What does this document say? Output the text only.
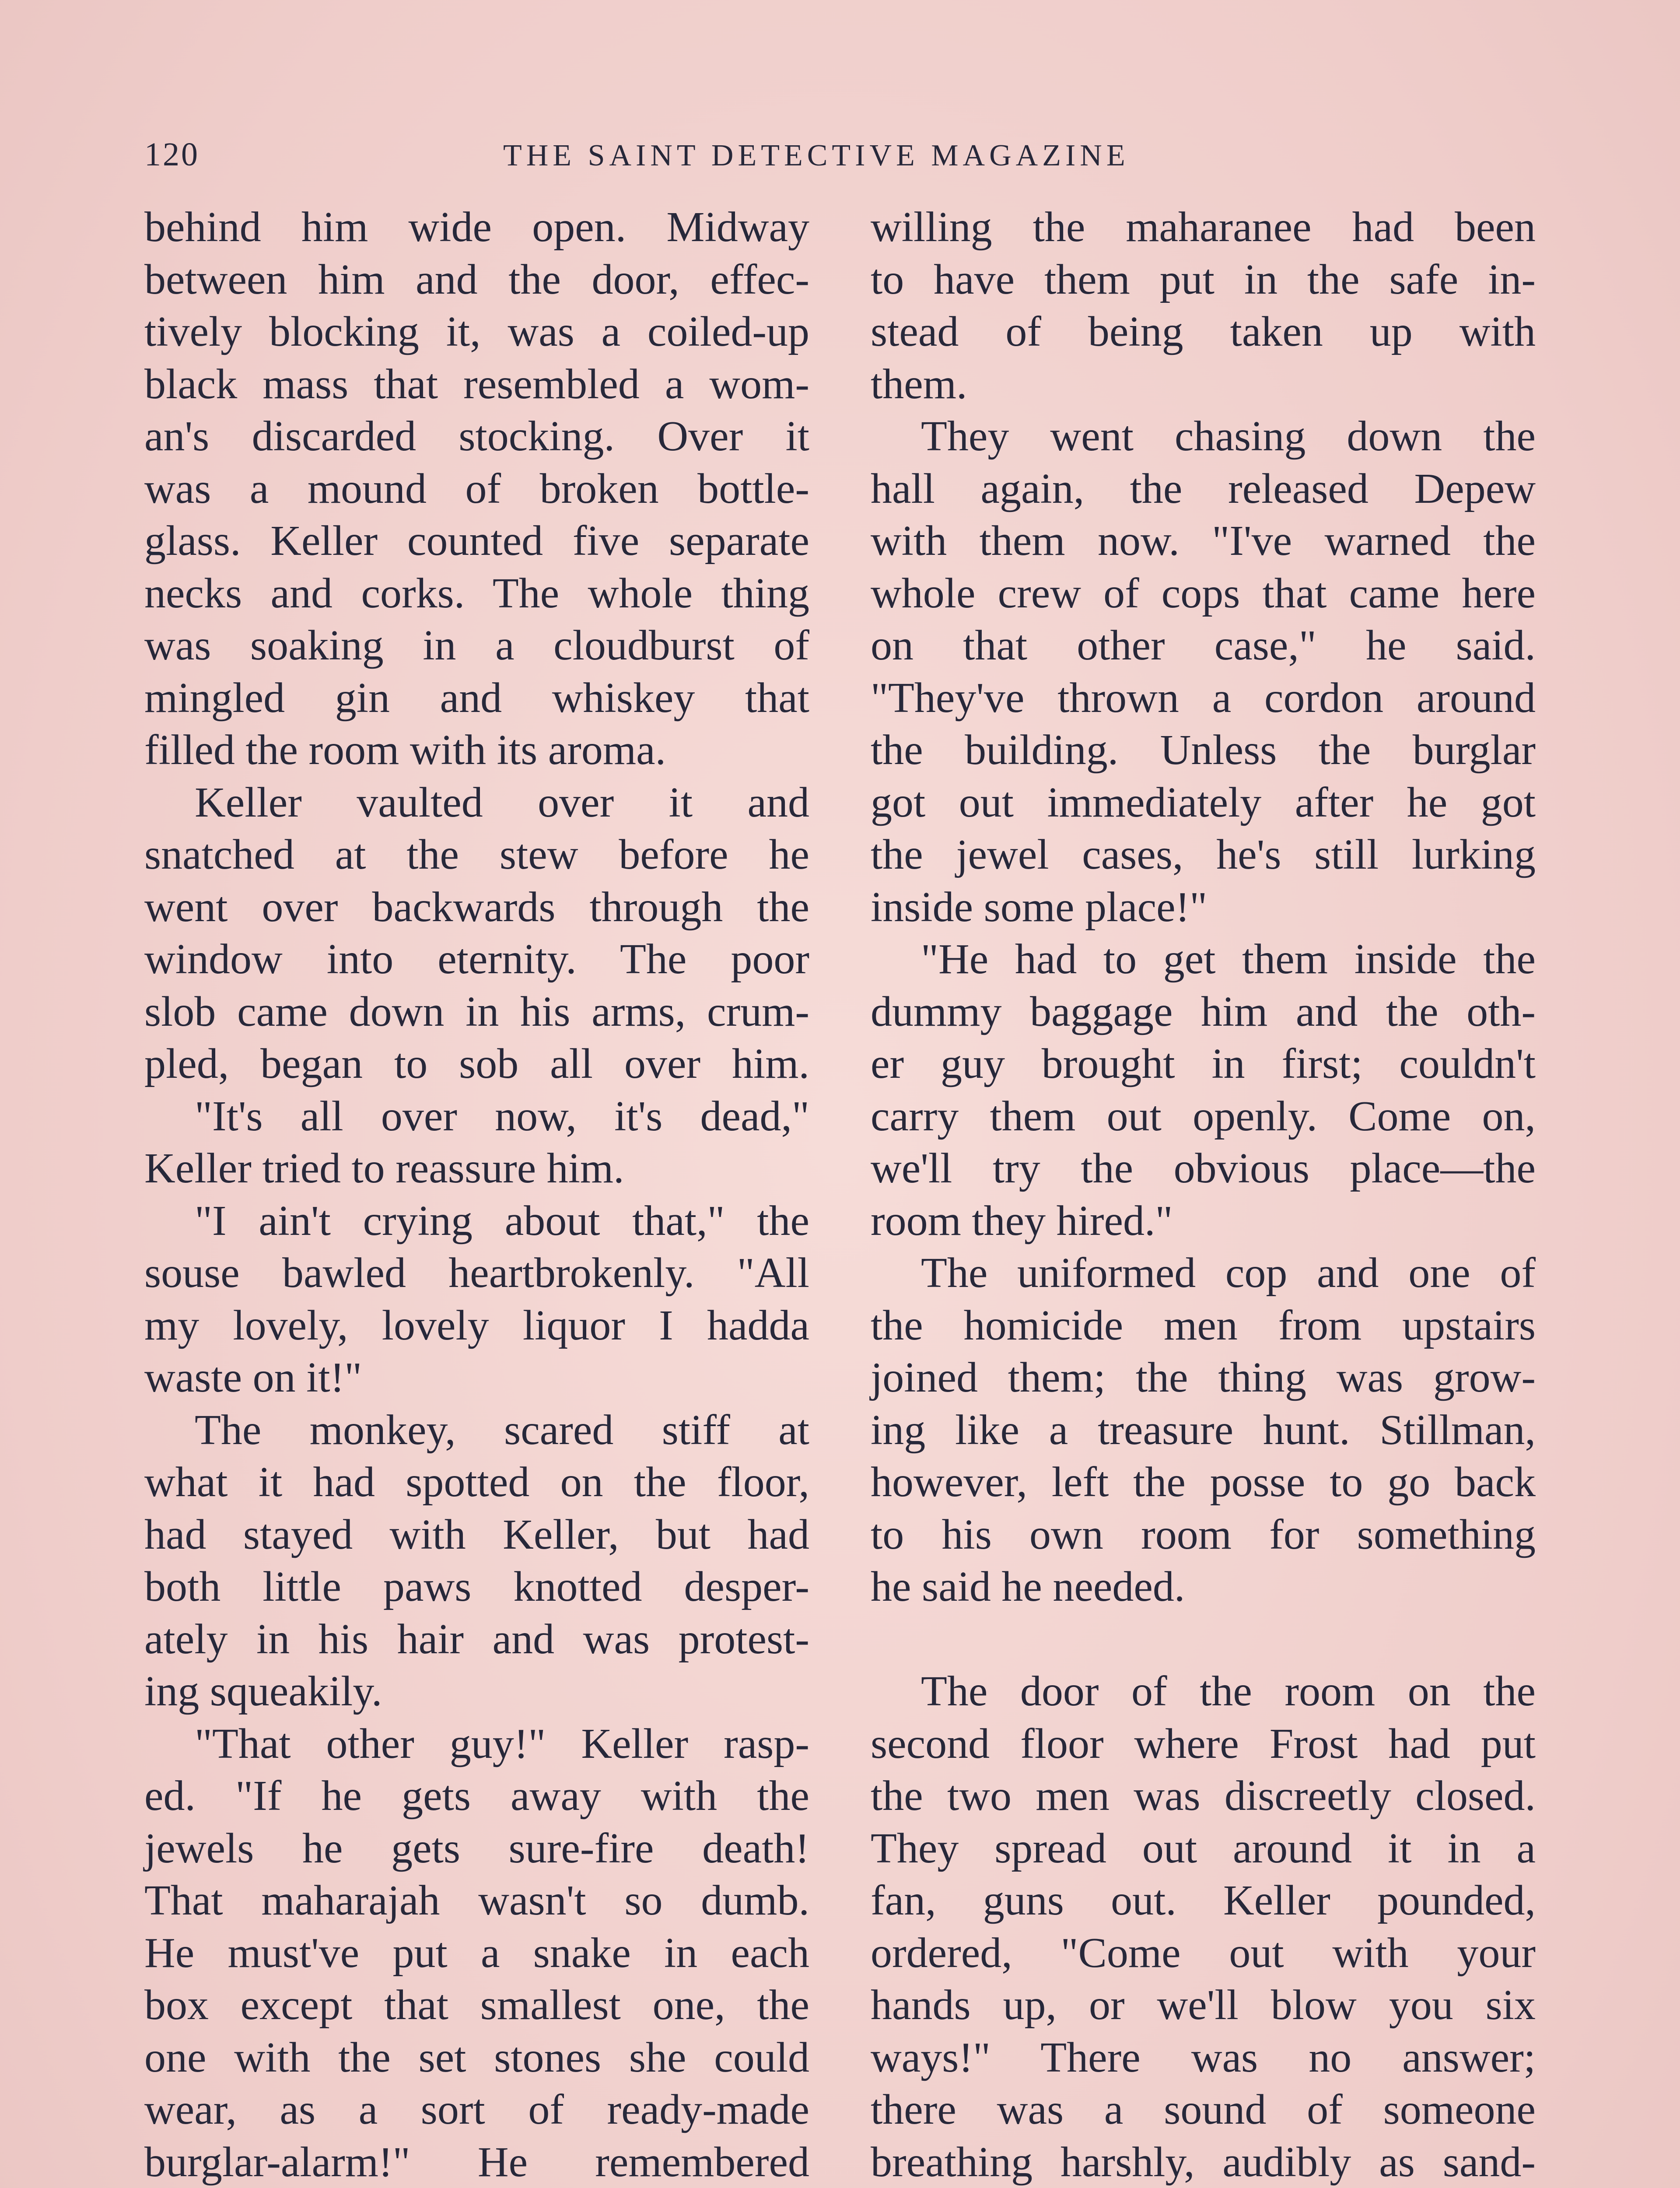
120	THE SAINT DETECTIVE MAGAZINE
behind him wide open. Midway
between him and the door, effec-
tively blocking it, was a coiled-up
black mass that resembled a wom-
an's discarded stocking. Over it
was a mound of broken bottle-
glass. Keller counted five separate
necks and corks. The whole thing
was soaking in a cloudburst of
mingled gin and whiskey that
filled the room with its aroma.
Keller vaulted over it and
snatched at the stew before he
went over backwards through the
window into eternity. The poor
slob came down in his arms, crum-
pled, began to sob all over him.
"It's all over now, it's dead,"
Keller tried to reassure him.
"I ain't crying about that," the
souse bawled heartbrokenly. "All
my lovely, lovely liquor I hadda
waste on it!"
The monkey, scared stiff at
what it had spotted on the floor,
had stayed with Keller, but had
both little paws knotted desper-
ately in his hair and was protest-
ing squeakily.
"That other guy!" Keller rasp-
ed. "If he gets away with the
jewels he gets sure-fire death!
That maharajah wasn't so dumb.
He must've put a snake in each
box except that smallest one, the
one with the set stones she could
wear, as a sort of ready-made
burglar-alarm!" He remembered
willing the maharanee had been
to have them put in the safe in-
stead of being taken up with
them.
They went chasing down the
hall again, the released Depew
with them now. "I've warned the
whole crew of cops that came here
on that other case," he said.
"They've thrown a cordon around
the building. Unless the burglar
got out immediately after he got
the jewel cases, he's still lurking
inside some place!"
"He had to get them inside the
dummy baggage him and the oth-
er guy brought in first; couldn't
carry them out openly. Come on,
we'll try the obvious place—the
room they hired."
The uniformed cop and one of
the homicide men from upstairs
joined them; the thing was grow-
ing like a treasure hunt. Stillman,
however, left the posse to go back
to his own room for something
he said he needed.
The door of the room on the
second floor where Frost had put
the two men was discreetly closed.
They spread out around it in a
fan, guns out. Keller pounded,
ordered, "Come out with your
hands up, or we'll blow you six
ways!" There was no answer;
there was a sound of someone
breathing harshly, audibly as sand-
